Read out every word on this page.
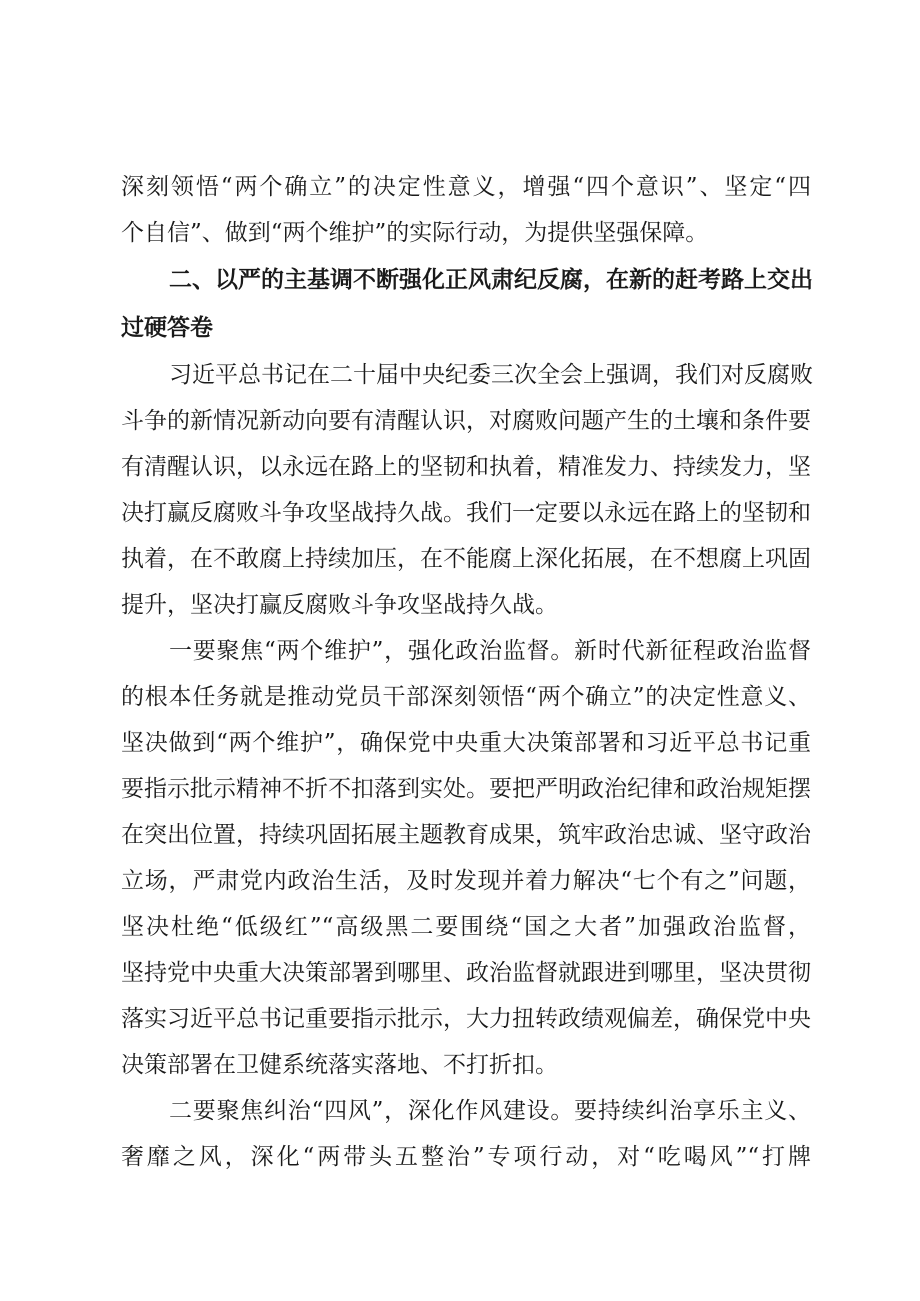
深刻领悟“两个确立”的决定性意义，增强“四个意识”、坚定“四
个自信”、做到“两个维护”的实际行动，为提供坚强保障。
二、以严的主基调不断强化正风肃纪反腐，在新的赶考路上交出
过硬答卷
习近平总书记在二十届中央纪委三次全会上强调，我们对反腐败
斗争的新情况新动向要有清醒认识，对腐败问题产生的土壤和条件要
有清醒认识，以永远在路上的坚韧和执着，精准发力、持续发力，坚
决打赢反腐败斗争攻坚战持久战。我们一定要以永远在路上的坚韧和
执着，在不敢腐上持续加压，在不能腐上深化拓展，在不想腐上巩固
提升，坚决打赢反腐败斗争攻坚战持久战。
一要聚焦“两个维护”，强化政治监督。新时代新征程政治监督
的根本任务就是推动党员干部深刻领悟“两个确立”的决定性意义、
坚决做到“两个维护”，确保党中央重大决策部署和习近平总书记重
要指示批示精神不折不扣落到实处。要把严明政治纪律和政治规矩摆
在突出位置，持续巩固拓展主题教育成果，筑牢政治忠诚、坚守政治
立场，严肃党内政治生活，及时发现并着力解决“七个有之”问题，
坚决杜绝“低级红”“高级黑二要围绕“国之大者”加强政治监督，
坚持党中央重大决策部署到哪里、政治监督就跟进到哪里，坚决贯彻
落实习近平总书记重要指示批示，大力扭转政绩观偏差，确保党中央
决策部署在卫健系统落实落地、不打折扣。
二要聚焦纠治“四风”，深化作风建设。要持续纠治享乐主义、
奢靡之风，深化“两带头五整治”专项行动，对“吃喝风”“打牌
